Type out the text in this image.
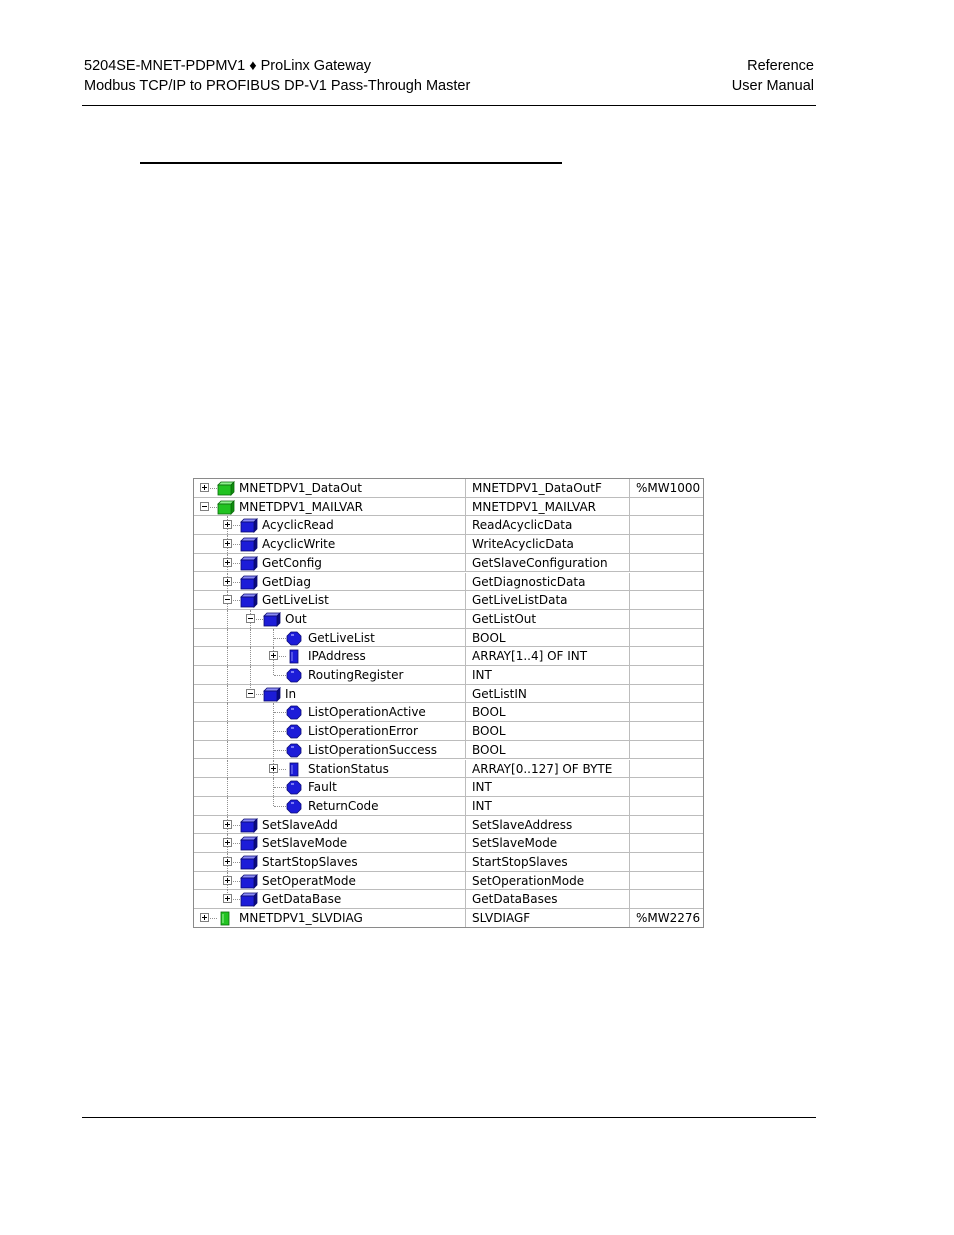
5204SE-MNET-PDPMV1 ♦ ProLinx Gateway
Modbus TCP/IP to PROFIBUS DP-V1 Pass-Through Master
Reference
User Manual
MNETDPV1_DataOut	MNETDPV1_DataOutF	%MW1000
MNETDPV1_MAILVAR	MNETDPV1_MAILVAR
AcyclicRead	ReadAcyclicData
AcyclicWrite	WriteAcyclicData
GetConfig	GetSlaveConfiguration
GetDiag	GetDiagnosticData
GetLiveList	GetLiveListData
Out	GetListOut
GetLiveList	BOOL
IPAddress	ARRAY[1..4] OF INT
RoutingRegister	INT
In	GetListIN
ListOperationActive	BOOL
ListOperationError	BOOL
ListOperationSuccess	BOOL
StationStatus	ARRAY[0..127] OF BYTE
Fault	INT
ReturnCode	INT
SetSlaveAdd	SetSlaveAddress
SetSlaveMode	SetSlaveMode
StartStopSlaves	StartStopSlaves
SetOperatMode	SetOperationMode
GetDataBase	GetDataBases
MNETDPV1_SLVDIAG	SLVDIAGF	%MW2276
